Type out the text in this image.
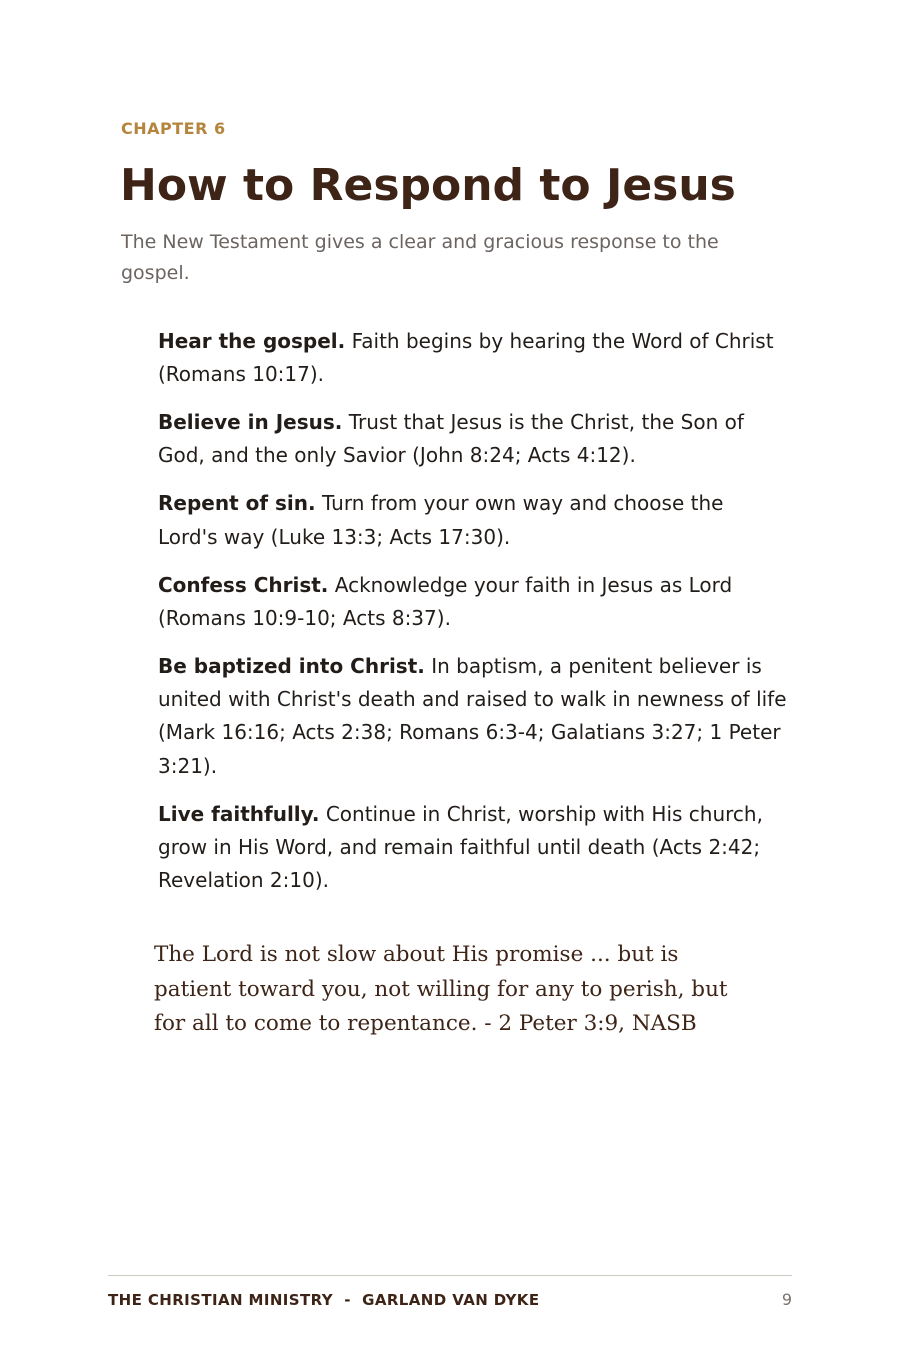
CHAPTER 6
How to Respond to Jesus

The New Testament gives a clear and gracious response to the gospel.

Hear the gospel. Faith begins by hearing the Word of Christ (Romans 10:17).
Believe in Jesus. Trust that Jesus is the Christ, the Son of God, and the only Savior (John 8:24; Acts 4:12).
Repent of sin. Turn from your own way and choose the Lord's way (Luke 13:3; Acts 17:30).
Confess Christ. Acknowledge your faith in Jesus as Lord (Romans 10:9-10; Acts 8:37).
Be baptized into Christ. In baptism, a penitent believer is united with Christ's death and raised to walk in newness of life (Mark 16:16; Acts 2:38; Romans 6:3-4; Galatians 3:27; 1 Peter 3:21).
Live faithfully. Continue in Christ, worship with His church, grow in His Word, and remain faithful until death (Acts 2:42; Revelation 2:10).

The Lord is not slow about His promise ... but is patient toward you, not willing for any to perish, but for all to come to repentance. - 2 Peter 3:9, NASB

THE CHRISTIAN MINISTRY  -  GARLAND VAN DYKE	9
